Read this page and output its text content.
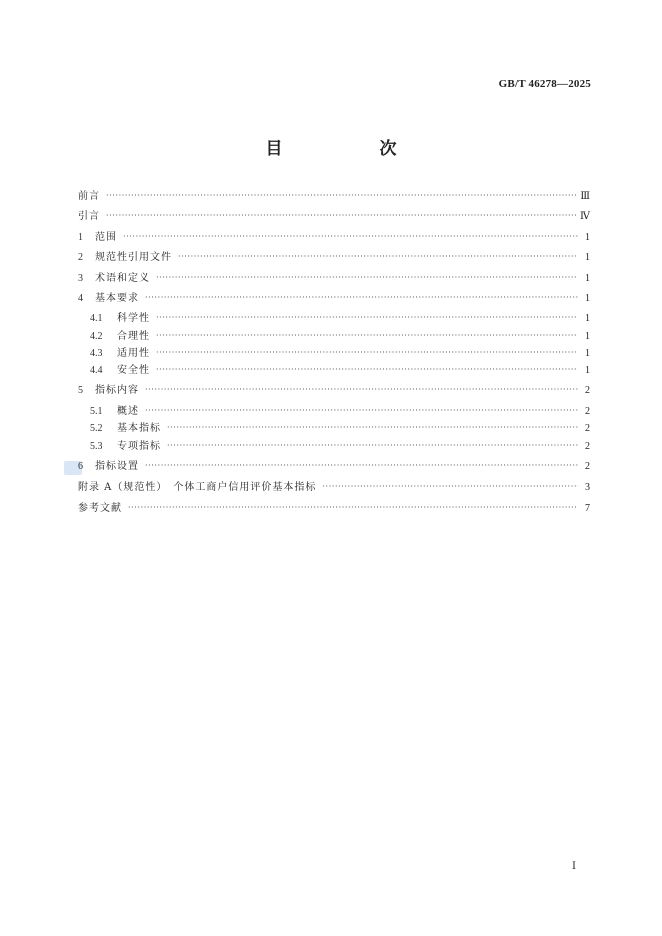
GB/T 46278—2025
目　次
前言 ·····	Ⅲ
引言 ·····	Ⅳ
1	范围 ·····	1
2	规范性引用文件 ·····	1
3	术语和定义 ·····	1
4	基本要求 ·····	1
4.1	科学性 ·····	1
4.2	合理性 ·····	1
4.3	适用性 ·····	1
4.4	安全性 ·····	1
5	指标内容 ·····	2
5.1	概述 ·····	2
5.2	基本指标 ·····	2
5.3	专项指标 ·····	2
6	指标设置 ·····	2
附录 A（规范性）　个体工商户信用评价基本指标 ·····	3
参考文献 ·····	7
Ⅰ
